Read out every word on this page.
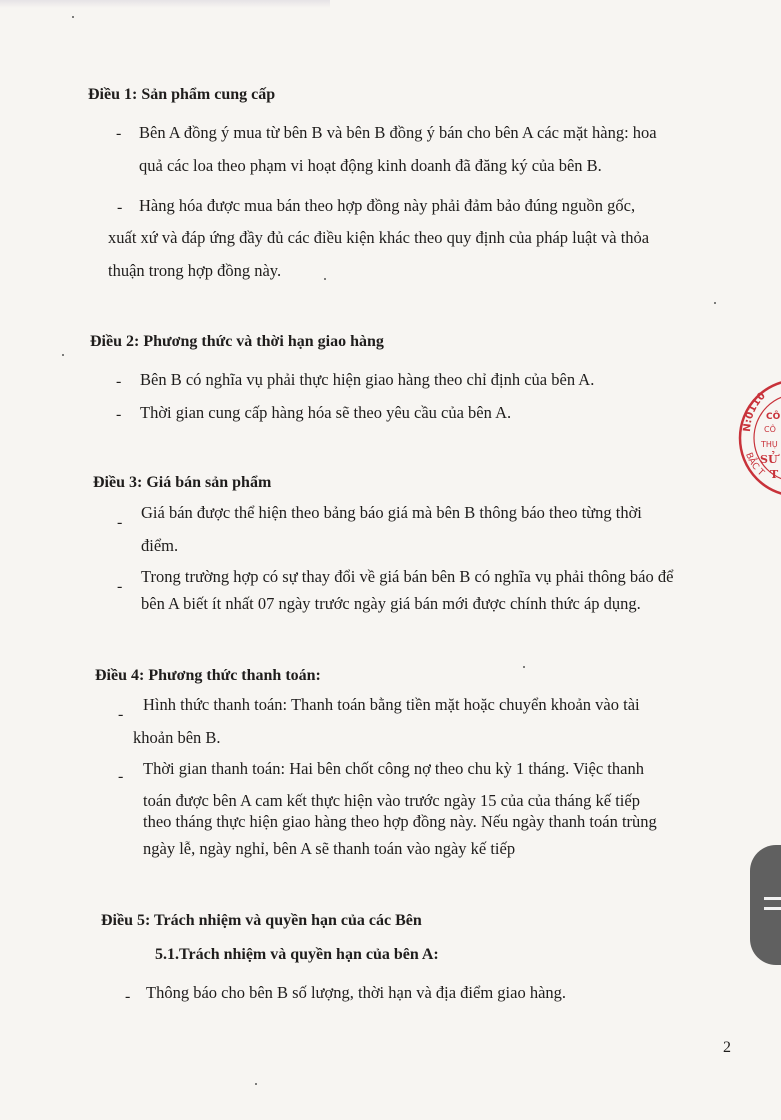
Điều 1: Sản phẩm cung cấp
- Bên A đồng ý mua từ bên B và bên B đồng ý bán cho bên A các mặt hàng: hoa
quả các loa theo phạm vi hoạt động kinh doanh đã đăng ký của bên B.
- Hàng hóa được mua bán theo hợp đồng này phải đảm bảo đúng nguồn gốc,
xuất xứ và đáp ứng đầy đủ các điều kiện khác theo quy định của pháp luật và thỏa
thuận trong hợp đồng này.
Điều 2: Phương thức và thời hạn giao hàng
- Bên B có nghĩa vụ phải thực hiện giao hàng theo chỉ định của bên A.
- Thời gian cung cấp hàng hóa sẽ theo yêu cầu của bên A.
Điều 3: Giá bán sản phẩm
-
Giá bán được thể hiện theo bảng báo giá mà bên B thông báo theo từng thời
điểm.
-
Trong trường hợp có sự thay đổi về giá bán bên B có nghĩa vụ phải thông báo để
bên A biết ít nhất 07 ngày trước ngày giá bán mới được chính thức áp dụng.
Điều 4: Phương thức thanh toán:
-
Hình thức thanh toán: Thanh toán bằng tiền mặt hoặc chuyển khoản vào tài
khoản bên B.
- Thời gian thanh toán: Hai bên chốt công nợ theo chu kỳ 1 tháng. Việc thanh
toán được bên A cam kết thực hiện vào trước ngày 15 của của tháng kế tiếp
theo tháng thực hiện giao hàng theo hợp đồng này. Nếu ngày thanh toán trùng
ngày lễ, ngày nghỉ, bên A sẽ thanh toán vào ngày kế tiếp
Điều 5: Trách nhiệm và quyền hạn của các Bên
5.1.Trách nhiệm và quyền hạn của bên A:
- Thông báo cho bên B số lượng, thời hạn và địa điểm giao hàng.
2
N:0110
BẮC T
CÔ
CÔ
THỤ
SỬ
T
